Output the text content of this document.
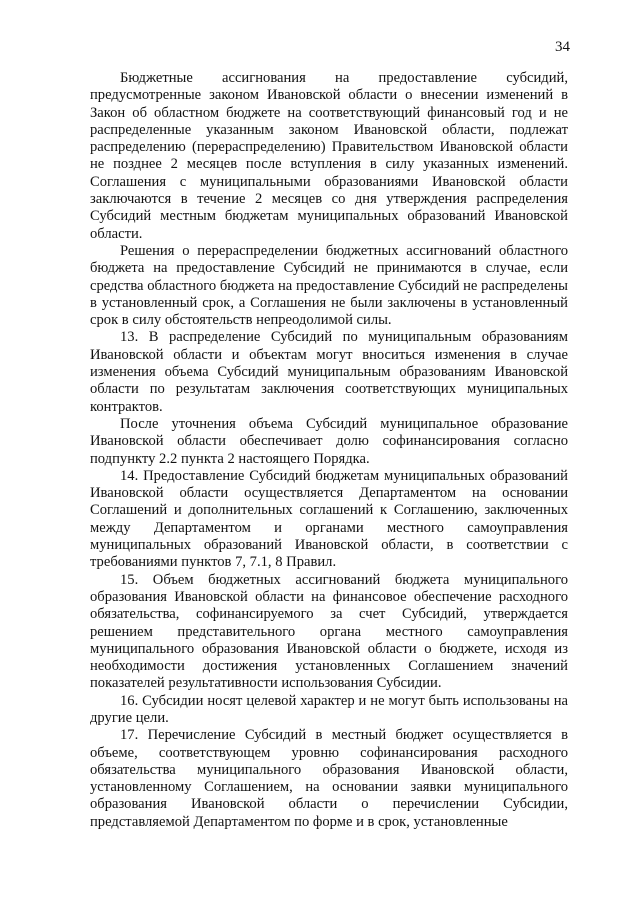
34

Бюджетные ассигнования на предоставление субсидий, предусмотренные законом Ивановской области о внесении изменений в Закон об областном бюджете на соответствующий финансовый год и не распределенные указанным законом Ивановской области, подлежат распределению (перераспределению) Правительством Ивановской области не позднее 2 месяцев после вступления в силу указанных изменений. Соглашения с муниципальными образованиями Ивановской области заключаются в течение 2 месяцев со дня утверждения распределения Субсидий местным бюджетам муниципальных образований Ивановской области.

Решения о перераспределении бюджетных ассигнований областного бюджета на предоставление Субсидий не принимаются в случае, если средства областного бюджета на предоставление Субсидий не распределены в установленный срок, а Соглашения не были заключены в установленный срок в силу обстоятельств непреодолимой силы.

13. В распределение Субсидий по муниципальным образованиям Ивановской области и объектам могут вноситься изменения в случае изменения объема Субсидий муниципальным образованиям Ивановской области по результатам заключения соответствующих муниципальных контрактов.

После уточнения объема Субсидий муниципальное образование Ивановской области обеспечивает долю софинансирования согласно подпункту 2.2 пункта 2 настоящего Порядка.

14. Предоставление Субсидий бюджетам муниципальных образований Ивановской области осуществляется Департаментом на основании Соглашений и дополнительных соглашений к Соглашению, заключенных между Департаментом и органами местного самоуправления муниципальных образований Ивановской области, в соответствии с требованиями пунктов 7, 7.1, 8 Правил.

15. Объем бюджетных ассигнований бюджета муниципального образования Ивановской области на финансовое обеспечение расходного обязательства, софинансируемого за счет Субсидий, утверждается решением представительного органа местного самоуправления муниципального образования Ивановской области о бюджете, исходя из необходимости достижения установленных Соглашением значений показателей результативности использования Субсидии.

16. Субсидии носят целевой характер и не могут быть использованы на другие цели.

17. Перечисление Субсидий в местный бюджет осуществляется в объеме, соответствующем уровню софинансирования расходного обязательства муниципального образования Ивановской области, установленному Соглашением, на основании заявки муниципального образования Ивановской области о перечислении Субсидии, представляемой Департаментом по форме и в срок, установленные
